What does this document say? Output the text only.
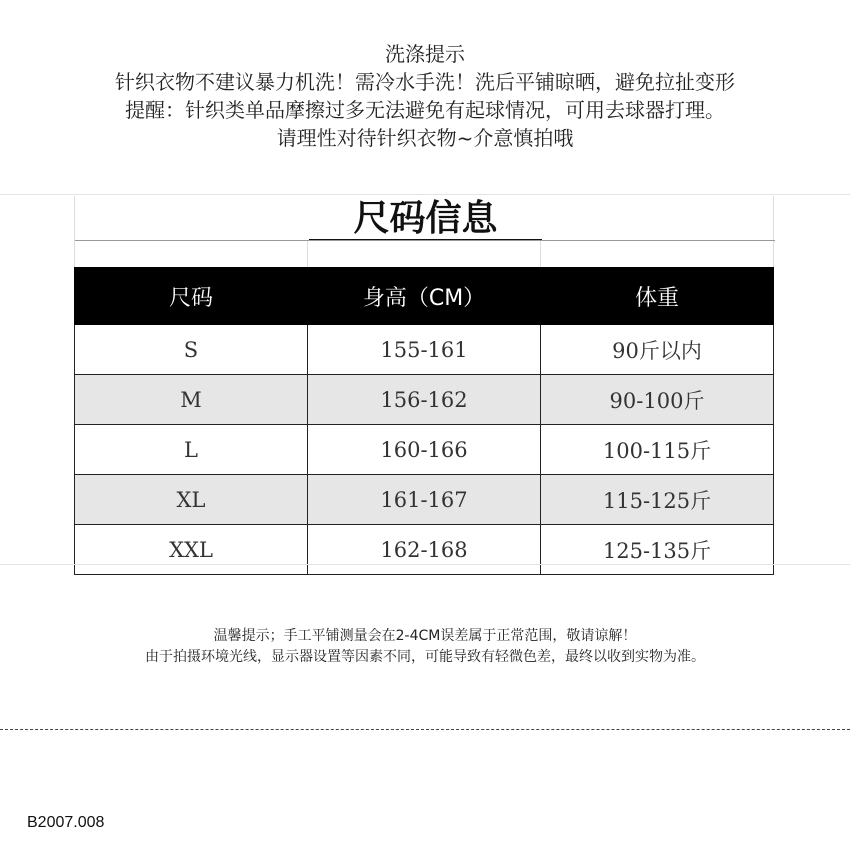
洗涤提示
针织衣物不建议暴力机洗！需冷水手洗！洗后平铺晾晒，避免拉扯变形
提醒：针织类单品摩擦过多无法避免有起球情况，可用去球器打理。
请理性对待针织衣物~介意慎拍哦
尺码信息
尺码	身高（CM）	体重
S	155-161	90斤以内
M	156-162	90-100斤
L	160-166	100-115斤
XL	161-167	115-125斤
XXL	162-168	125-135斤
温馨提示；手工平铺测量会在2-4CM误差属于正常范围，敬请谅解！
由于拍摄环境光线，显示器设置等因素不同，可能导致有轻微色差，最终以收到实物为准。
B2007.008
